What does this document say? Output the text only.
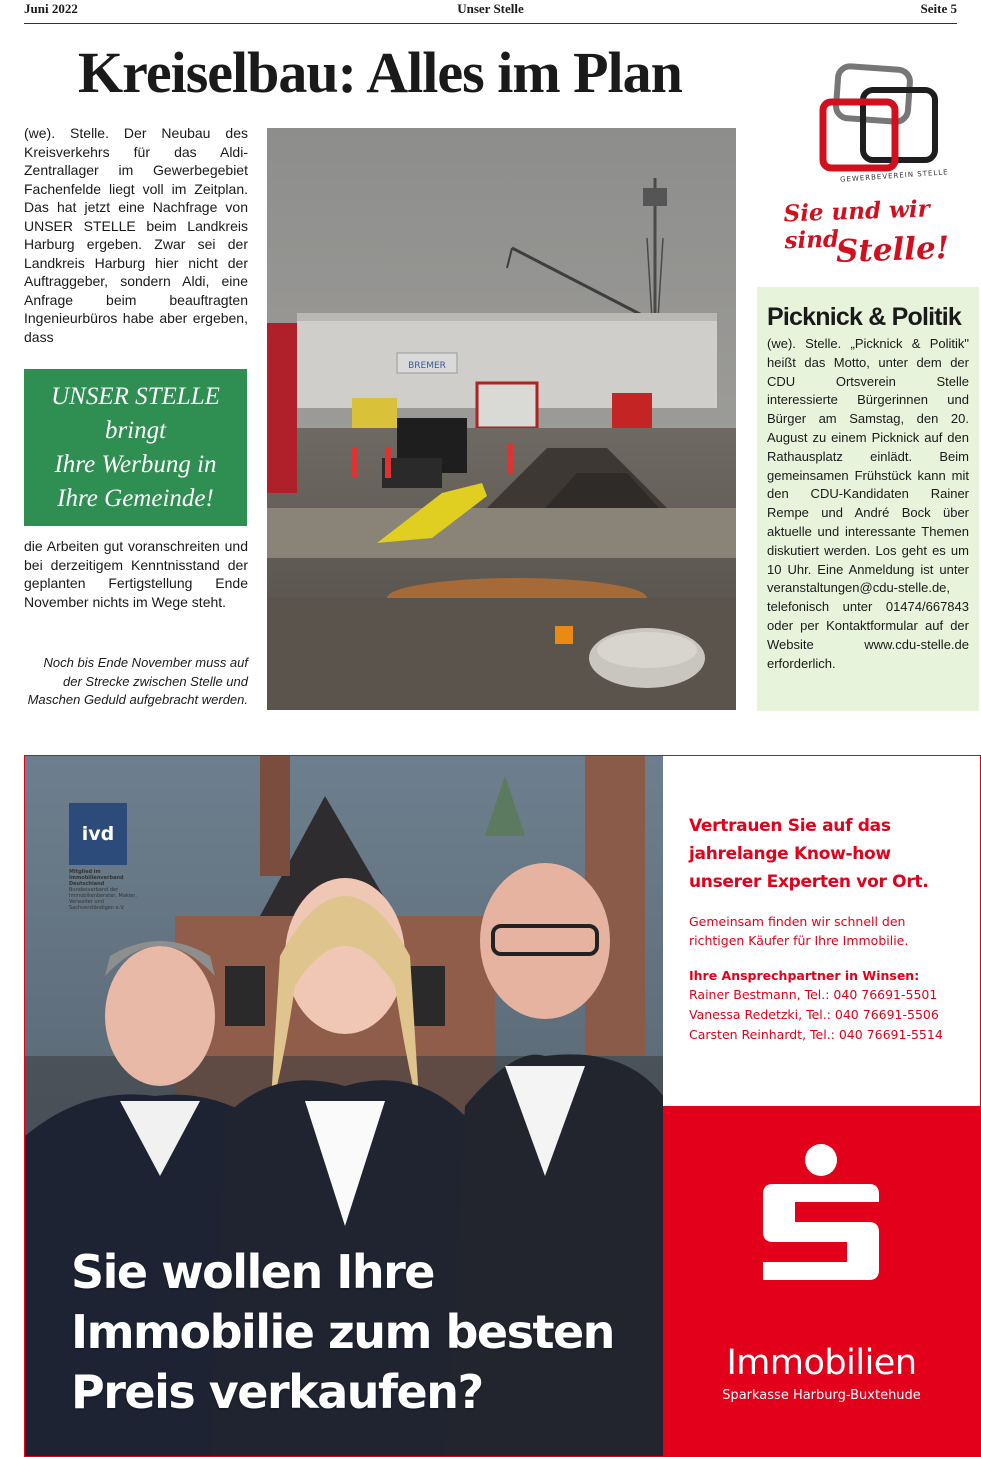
Juni 2022	Unser Stelle	Seite 5
Kreiselbau: Alles im Plan

(we). Stelle. Der Neubau des Kreisverkehrs für das Aldi-Zentrallager im Gewerbegebiet Fachenfelde liegt voll im Zeitplan. Das hat jetzt eine Nachfrage von UNSER STELLE beim Landkreis Harburg ergeben. Zwar sei der Landkreis Harburg hier nicht der Auftraggeber, sondern Aldi, eine Anfrage beim beauftragten Ingenieurbüros habe aber ergeben, dass

UNSER STELLE
bringt
Ihre Werbung in
Ihre Gemeinde!

die Arbeiten gut voranschreiten und bei derzeitigem Kenntnisstand der geplanten Fertigstellung Ende November nichts im Wege steht.

Noch bis Ende November muss auf der Strecke zwischen Stelle und Maschen Geduld aufgebracht werden.

BREMER
GEWERBEVEREIN STELLE
Sie und wir sind
Stelle!
Picknick & Politik

(we). Stelle. „Picknick & Politik" heißt das Motto, unter dem der CDU Ortsverein Stelle interessierte Bürgerinnen und Bürger am Samstag, den 20. August zu einem Picknick auf den Rathausplatz einlädt. Beim gemeinsamen Frühstück kann mit den CDU-Kandidaten Rainer Rempe und André Bock über aktuelle und interessante Themen diskutiert werden. Los geht es um 10 Uhr. Eine Anmeldung ist unter veranstaltungen@cdu-stelle.de, telefonisch unter 01474/667843 oder per Kontaktformular auf der Website www.cdu-stelle.de erforderlich.

ivd
Mitglied im Immobilienverband Deutschland
Bundesverband der Immobilienberater, Makler, Verwalter und Sachverständigen e.V.
Sie wollen Ihre
Immobilie zum besten
Preis verkaufen?
Vertrauen Sie auf das
jahrelange Know-how
unserer Experten vor Ort.
Gemeinsam finden wir schnell den
richtigen Käufer für Ihre Immobilie.
Ihre Ansprechpartner in Winsen:
Rainer Bestmann, Tel.: 040 76691-5501
Vanessa Redetzki, Tel.: 040 76691-5506
Carsten Reinhardt, Tel.: 040 76691-5514
Immobilien
Sparkasse Harburg-Buxtehude
